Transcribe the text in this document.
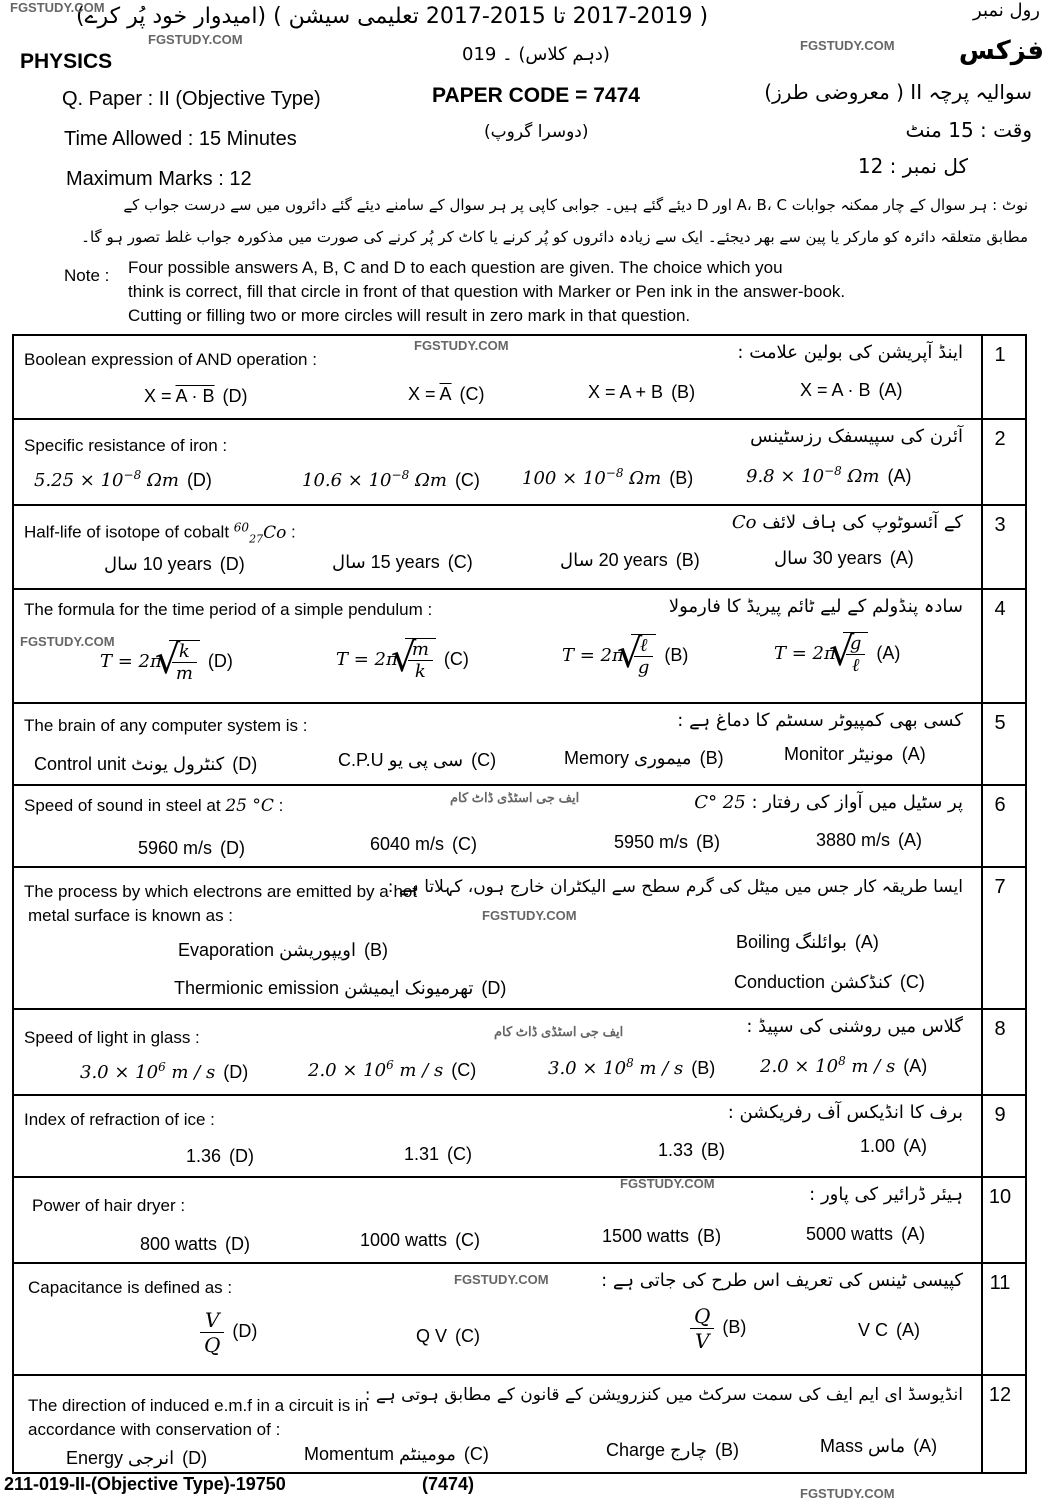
( 2017-2019 تا 2015-2017 تعلیمی سیشن ) (امیدوار خود پُر کرے)	رول نمبر
FGSTUDY.COM
FGSTUDY.COM	FGSTUDY.COM
PHYSICS	فزکس
(دہم کلاس) ۔ 019
Q. Paper : II (Objective Type)	PAPER CODE = 7474	سوالیہ پرچہ II ( معروضی طرز)
Time Allowed : 15 Minutes	(دوسرا گروپ)	وقت : 15 منٹ
Maximum Marks : 12
کل نمبر : 12
نوٹ : ہر سوال کے چار ممکنہ جوابات A، B، C اور D دیئے گئے ہیں۔ جوابی کاپی پر ہر سوال کے سامنے دیئے گئے دائروں میں سے درست جواب کے
مطابق متعلقہ دائرہ کو مارکر یا پین سے بھر دیجئے۔ ایک سے زیادہ دائروں کو پُر کرنے یا کاٹ کر پُر کرنے کی صورت میں مذکورہ جواب غلط تصور ہو گا۔
Note : Four possible answers A, B, C and D to each question are given. The choice which you
think is correct, fill that circle in front of that question with Marker or Pen ink in the answer-book.
Cutting or filling two or more circles will result in zero mark in that question.
1
Boolean expression of AND operation :	اینڈ آپریشن کی بولین علامت :
FGSTUDY.COM
X = A · B (D)	$X = \overline{A}$ (C)	X = A + B (B)	X = A · B (A)
2
Specific resistance of iron :	آئرن کی سپیسفک رزسٹینس
$5.25 \times 10^{-8}$ Ωm (D)	$10.6 \times 10^{-8}$ Ωm (C) $100 \times 10^{-8}$ Ωm (B)	$9.8 \times 10^{-8}$ Ωm (A)
3
Half-life of isotope of cobalt $^{60}_{27}$Co :	کے آئسوٹوپ کی ہاف لائف Co
سال 10 years (D)	سال 15 years (C)	سال 20 years (B)	سال 30 years (A)
4
The formula for the time period of a simple pendulum :	سادہ پنڈولم کے لیے ٹائم پیریڈ کا فارمولا
FGSTUDY.COM
T = 2π √ $\frac{k}{m} (D)$	T = 2π √ $\frac{m}{k} (C)$	T = 2π √ $\frac{\text{ℓ}}{g} (B)$	T = 2π √ $\frac{g}{\text{ℓ}} (A)$
5
The brain of any computer system is :	کسی بھی کمپیوٹر سسٹم کا دماغ ہے :
Control unit کنٹرول یونٹ (D)	C.P.U سی پی یو (C)	Memory میموری (B)	Monitor مونیٹر (A)
6
Speed of sound in steel at 25 °C :	پر سٹیل میں آواز کی رفتار : 25 °C
ایف جی اسٹڈی ڈاٹ کام
5960 m/s (D)	6040 m/s (C)	5950 m/s (B)	3880 m/s (A)
7
The process by which electrons are emitted by a hot
metal surface is known as :
ایسا طریقہ کار جس میں میٹل کی گرم سطح سے الیکٹران خارج ہوں، کہلاتا ہے :
FGSTUDY.COM
Evaporation اویپوریشن (B)	Boiling بوائلنگ (A)
Thermionic emission تھرمیونک ایمیشن (D)	Conduction کنڈکشن (C)
8
Speed of light in glass :
گلاس میں روشنی کی سپیڈ :
ایف جی اسٹڈی ڈاٹ کام
$3.0 \times 10^6$ m / s (D)	$2.0 \times 10^6$ m / s (C)	$3.0 \times 10^8$ m / s (B) $2.0 \times 10^8$ m / s (A)
9
Index of refraction of ice :	برف کا انڈیکس آف رفریکشن :
1.36 (D)	1.31 (C)	1.33 (B)	1.00 (A)
10
Power of hair dryer :
ہیئر ڈرائیر کی پاور :
FGSTUDY.COM
800 watts (D)	1000 watts (C)	1500 watts (B)	5000 watts (A)
11
Capacitance is defined as :	کپیسی ٹینس کی تعریف اس طرح کی جاتی ہے :
FGSTUDY.COM
$\frac{V}{Q} (D)$	Q V (C)	$\frac{Q}{V} (B)$	V C (A)
12
The direction of induced e.m.f in a circuit is in
accordance with conservation of :
انڈیوسڈ ای ایم ایف کی سمت سرکٹ میں کنزرویشن کے قانون کے مطابق ہوتی ہے :
Energy انرجی (D)	Momentum مومینٹم (C)	Charge چارج (B)	Mass ماس (A)
211-019-II-(Objective Type)-19750	(7474)	FGSTUDY.COM
